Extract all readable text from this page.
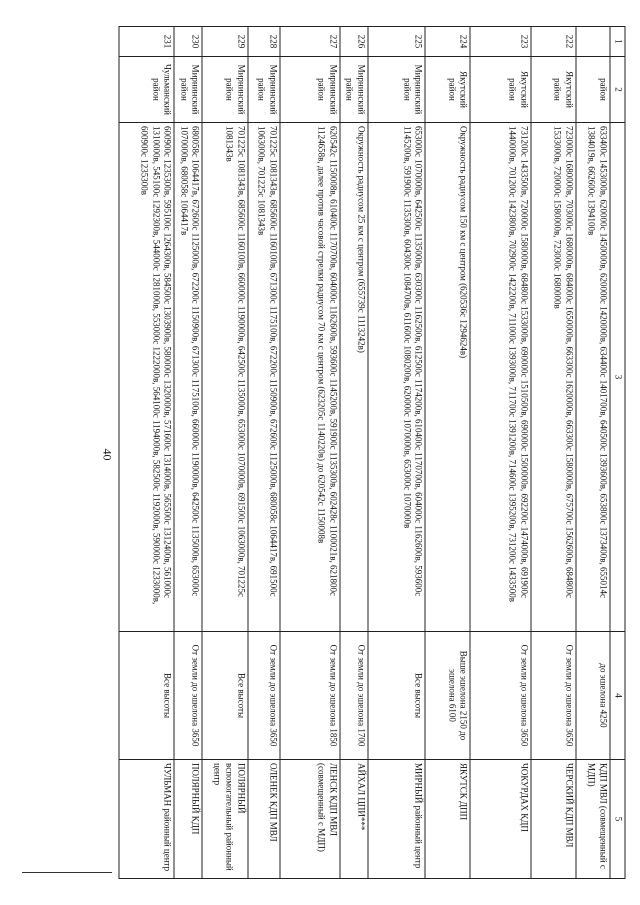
40
1	2	3	4	5
	район	633400с 1453000в, 620000с 1450000в, 620000с 1420000в, 634400с 1401700в, 640500с 1393600в, 653800с 1373400в, 655014с 1384019в, 662600с 1394100в	до эшелона 4250	КДП МВЛ (совмещенный с МДП)
222	Якутский район	723000с 1680000в, 703000с 1680000в, 684000с 1650000в, 663300с 1620000в, 663300с 1580000в, 675700с 1562600в, 684800с 1533000в, 720000с 1580000в, 723000с 1680000в	От земли до эшелона 3650	ЧЕРСКИЙ КДП МВЛ
223	Якутский район	731200с 1433500в, 720000с 1580000в, 684800с 1533000в, 690000с 1510500в, 690000с 1500000в, 692200с 1474000в, 691900с 1440000в, 701200с 1423800в, 702900с 1422200в, 711000с 1393000в, 711700с 1391200в, 714600с 1395200в, 731200с 1433500в	От земли до эшелона 3650	ЧОКУРДАХ КДП
224	Якутский район	Окружность радиусом 150 км с центром (620536с 1294624в)	Выше эшелона 2150 до эшелона 6100	ЯКУТСК ДПП
225	Мирнинский район	653000с 1070000в, 642500с 1135000в, 630300с 1162500в, 612500с 1174200в, 610400с 1170700в, 604000с 1162600в, 593600с 1145200в, 591900с 1135300в, 604300с 1084700в, 611600с 1080200в, 620000с 1070000в, 653000с 1070000в	Все высоты	МИРНЫЙ районный центр
226	Мирнинский район	Окружность радиусом 25 км с центром (655739с 1113242в)	От земли до эшелона 1700	АЙХАЛ ЦПИ***
227	Мирнинский район	620542с 1150008в, 610400с 1170700в, 604000с 1162600в, 593600с 1145200в, 591900с 1135300в, 602428с 1100021в, 621800с 1124658в, далее против часовой стрелки радиусом 70 км с центром (623205с 1140220в) до 620542с 1150008в	От земли до эшелона 1850	ЛЕНСК КДП МВЛ (совмещенный с МДП)
228	Мирнинский район	701225с 1081343в, 685600с 1160100в, 671300с 1175100в, 672200с 1150900в, 672600с 1125000в, 680058с 1064417в, 691500с 1063000в, 701225с 1081343в	От земли до эшелона 3650	ОЛЕНЕК КДП МВЛ
229	Мирнинский район	701225с 1081343в, 685600с 1160100в, 660000с 1190000в, 642500с 1135000в, 653000с 1070000в, 691500с 1063000в, 701225с 1081343в	Все высоты	ПОЛЯРНЫЙ вспомогательный районный центр
230	Мирнинский район	680058с 1064417в, 672600с 1125000в, 672200с 1150900в, 671300с 1175100в, 660000с 1190000в, 642500с 1135000в, 653000с 1070000в, 680058с 1064417в	От земли до эшелона 3650	ПОЛЯРНЫЙ КДП
231	Чульманский район	600900с 1235300в, 595100с 1264300в, 584500с 1303900в, 580000с 1320000в, 571600с 1314000в, 565500с 1312400в, 561000с 1310000в, 545100с 1292300в, 544000с 1281000в, 553000с 1222000в, 564100с 1194000в, 582500с 1192000в, 590000с 1233000в, 600900с 1235300в	Все высоты	ЧУЛЬМАН районный центр
